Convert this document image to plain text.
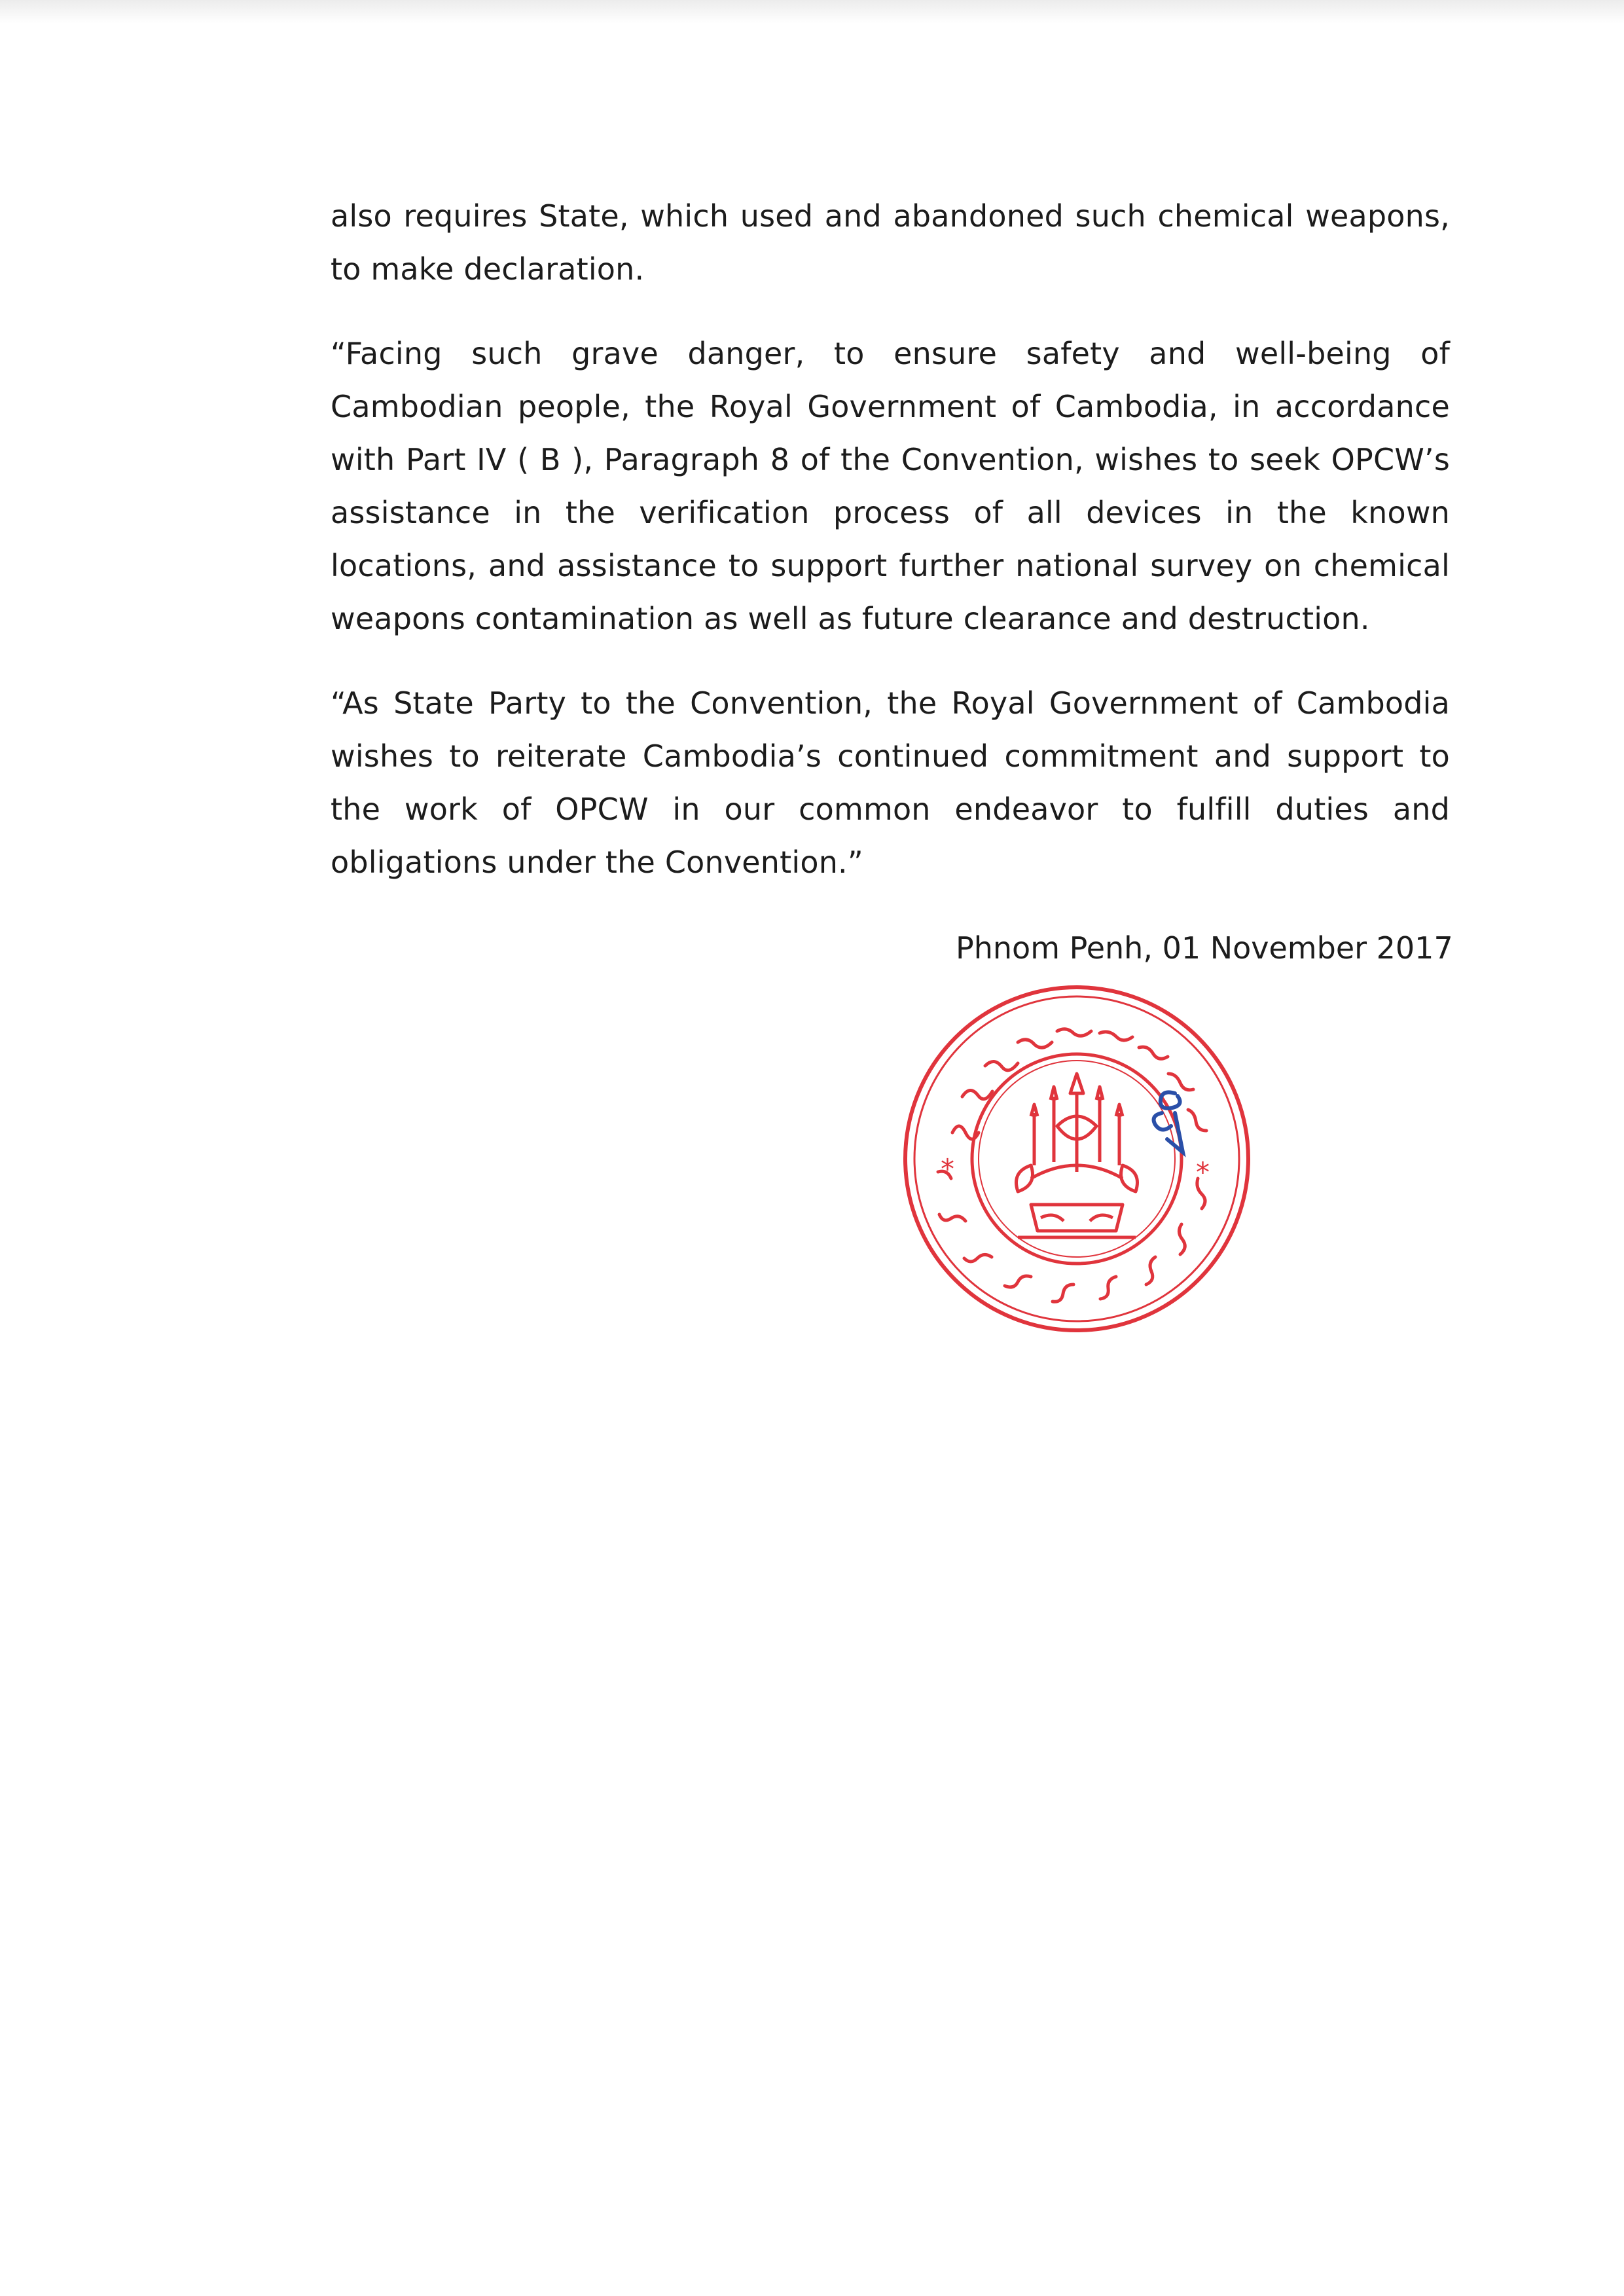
also requires State, which used and abandoned such chemical weapons, to make declaration.

“Facing such grave danger, to ensure safety and well-being of Cambodian people, the Royal Government of Cambodia, in accordance with Part IV ( B ), Paragraph 8 of the Convention, wishes to seek OPCW’s assistance in the verification process of all devices in the known locations, and assistance to support further national survey on chemical weapons contamination as well as future clearance and destruction.

“As State Party to the Convention, the Royal Government of Cambodia wishes to reiterate Cambodia’s continued commitment and support to the work of OPCW in our common endeavor to fulfill duties and obligations under the Convention.”

Phnom Penh, 01 November 2017
*	*
